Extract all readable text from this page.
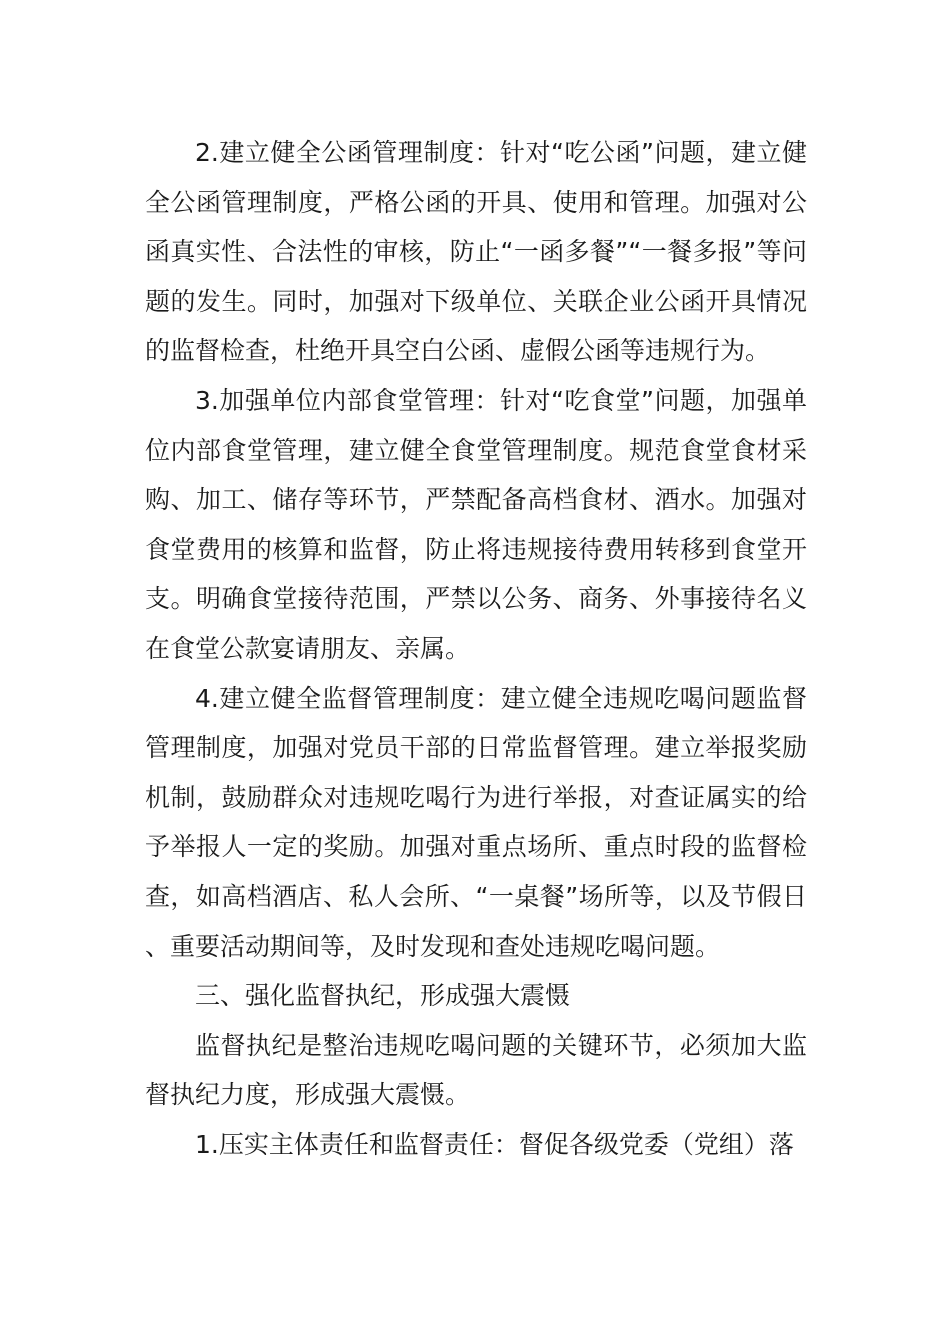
2.建立健全公函管理制度：针对“吃公函”问题，建立健全公函管理制度，严格公函的开具、使用和管理。加强对公函真实性、合法性的审核，防止“一函多餐”“一餐多报”等问题的发生。同时，加强对下级单位、关联企业公函开具情况的监督检查，杜绝开具空白公函、虚假公函等违规行为。

3.加强单位内部食堂管理：针对“吃食堂”问题，加强单位内部食堂管理，建立健全食堂管理制度。规范食堂食材采购、加工、储存等环节，严禁配备高档食材、酒水。加强对食堂费用的核算和监督，防止将违规接待费用转移到食堂开支。明确食堂接待范围，严禁以公务、商务、外事接待名义在食堂公款宴请朋友、亲属。

4.建立健全监督管理制度：建立健全违规吃喝问题监督管理制度，加强对党员干部的日常监督管理。建立举报奖励机制，鼓励群众对违规吃喝行为进行举报，对查证属实的给予举报人一定的奖励。加强对重点场所、重点时段的监督检查，如高档酒店、私人会所、“一桌餐”场所等，以及节假日、重要活动期间等，及时发现和查处违规吃喝问题。

三、强化监督执纪，形成强大震慑

监督执纪是整治违规吃喝问题的关键环节，必须加大监督执纪力度，形成强大震慑。

1.压实主体责任和监督责任：督促各级党委（党组）落
